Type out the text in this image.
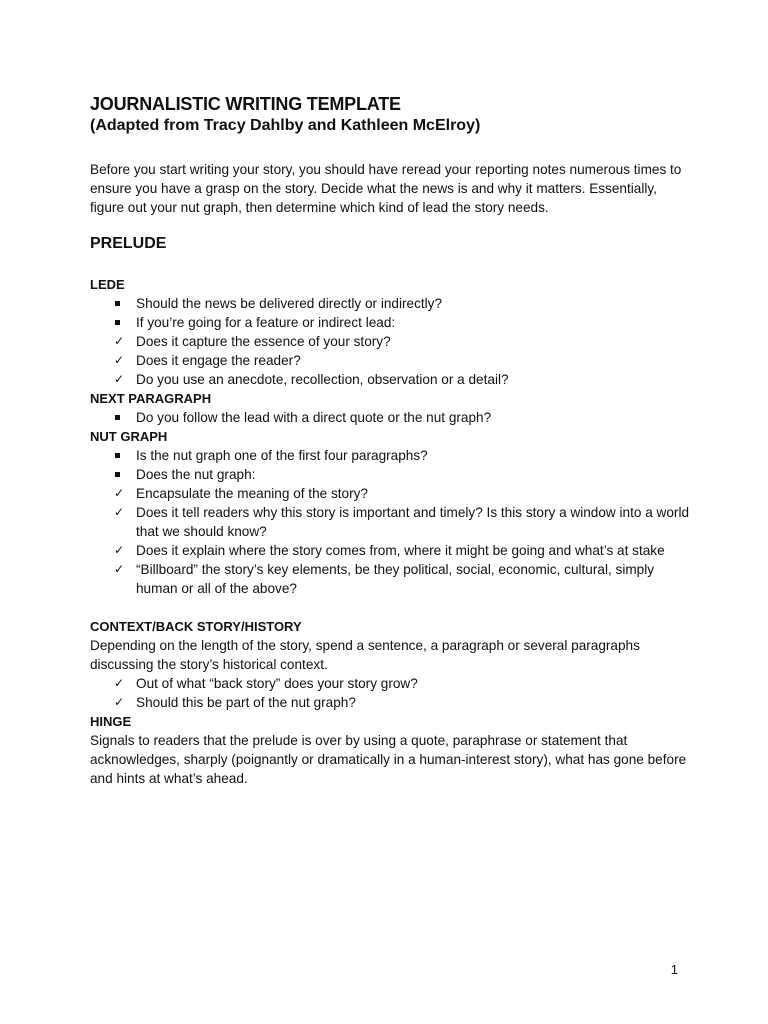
JOURNALISTIC WRITING TEMPLATE
(Adapted from Tracy Dahlby and Kathleen McElroy)

Before you start writing your story, you should have reread your reporting notes numerous times to ensure you have a grasp on the story. Decide what the news is and why it matters. Essentially, figure out your nut graph, then determine which kind of lead the story needs.

PRELUDE
LEDE
Should the news be delivered directly or indirectly?
If you’re going for a feature or indirect lead:
✓ Does it capture the essence of your story?
✓ Does it engage the reader?
✓ Do you use an anecdote, recollection, observation or a detail?
NEXT PARAGRAPH
Do you follow the lead with a direct quote or the nut graph?
NUT GRAPH
Is the nut graph one of the first four paragraphs?
Does the nut graph:
✓ Encapsulate the meaning of the story?
✓ Does it tell readers why this story is important and timely? Is this story a window into a world that we should know?
✓ Does it explain where the story comes from, where it might be going and what’s at stake
✓ “Billboard” the story’s key elements, be they political, social, economic, cultural, simply human or all of the above?
CONTEXT/BACK STORY/HISTORY

Depending on the length of the story, spend a sentence, a paragraph or several paragraphs discussing the story’s historical context.

✓ Out of what “back story” does your story grow?
✓ Should this be part of the nut graph?
HINGE

Signals to readers that the prelude is over by using a quote, paraphrase or statement that acknowledges, sharply (poignantly or dramatically in a human-interest story), what has gone before and hints at what’s ahead.

1
